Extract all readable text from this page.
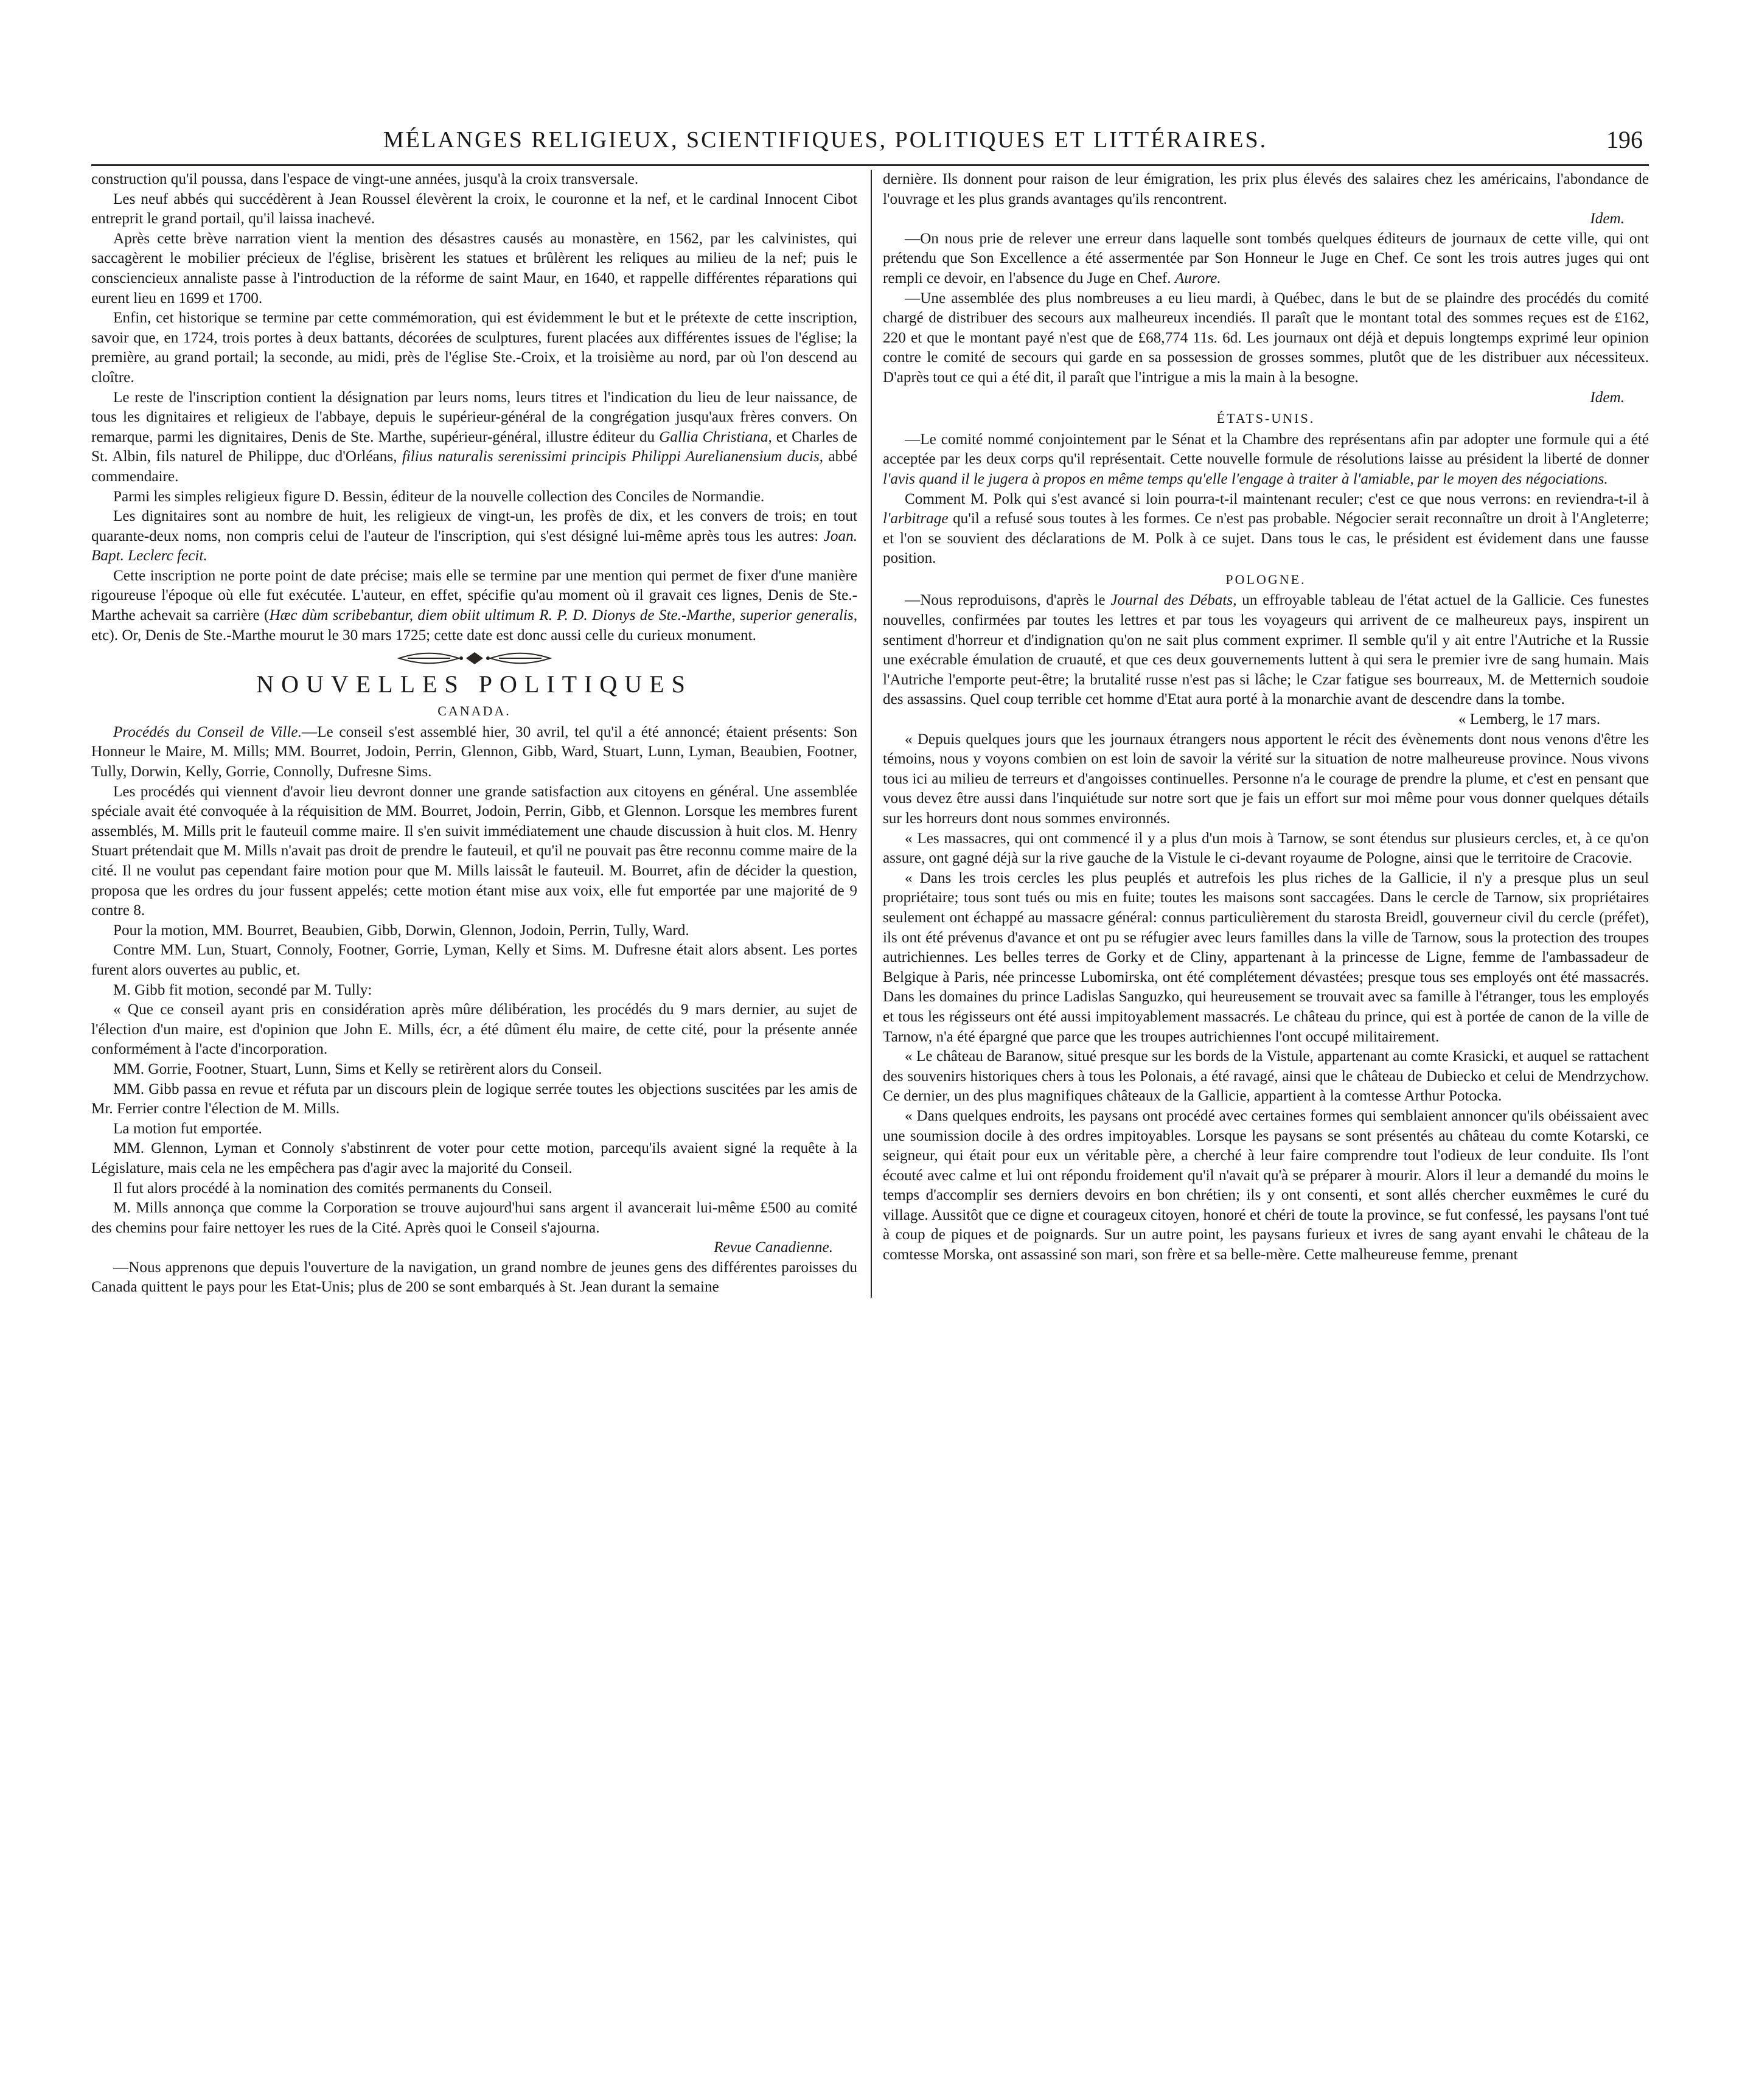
MÉLANGES RELIGIEUX, SCIENTIFIQUES, POLITIQUES ET LITTÉRAIRES.	196

construction qu'il poussa, dans l'espace de vingt-une années, jusqu'à la croix transversale.

Les neuf abbés qui succédèrent à Jean Roussel élevèrent la croix, le couronne et la nef, et le cardinal Innocent Cibot entreprit le grand portail, qu'il laissa inachevé.

Après cette brève narration vient la mention des désastres causés au monastère, en 1562, par les calvinistes, qui saccagèrent le mobilier précieux de l'église, brisèrent les statues et brûlèrent les reliques au milieu de la nef; puis le consciencieux annaliste passe à l'introduction de la réforme de saint Maur, en 1640, et rappelle différentes réparations qui eurent lieu en 1699 et 1700.

Enfin, cet historique se termine par cette commémoration, qui est évidemment le but et le prétexte de cette inscription, savoir que, en 1724, trois portes à deux battants, décorées de sculptures, furent placées aux différentes issues de l'église; la première, au grand portail; la seconde, au midi, près de l'église Ste.-Croix, et la troisième au nord, par où l'on descend au cloître.

Le reste de l'inscription contient la désignation par leurs noms, leurs titres et l'indication du lieu de leur naissance, de tous les dignitaires et religieux de l'abbaye, depuis le supérieur-général de la congrégation jusqu'aux frères convers. On remarque, parmi les dignitaires, Denis de Ste. Marthe, supérieur-général, illustre éditeur du Gallia Christiana, et Charles de St. Albin, fils naturel de Philippe, duc d'Orléans, filius naturalis serenissimi principis Philippi Aurelianensium ducis, abbé commendaire.

Parmi les simples religieux figure D. Bessin, éditeur de la nouvelle collection des Conciles de Normandie.

Les dignitaires sont au nombre de huit, les religieux de vingt-un, les profès de dix, et les convers de trois; en tout quarante-deux noms, non compris celui de l'auteur de l'inscription, qui s'est désigné lui-même après tous les autres: Joan. Bapt. Leclerc fecit.

Cette inscription ne porte point de date précise; mais elle se termine par une mention qui permet de fixer d'une manière rigoureuse l'époque où elle fut exécutée. L'auteur, en effet, spécifie qu'au moment où il gravait ces lignes, Denis de Ste.-Marthe achevait sa carrière (Hæc dùm scribebantur, diem obiit ultimum R. P. D. Dionys de Ste.-Marthe, superior generalis, etc). Or, Denis de Ste.-Marthe mourut le 30 mars 1725; cette date est donc aussi celle du curieux monument.

NOUVELLES POLITIQUES

CANADA.

Procédés du Conseil de Ville.—Le conseil s'est assemblé hier, 30 avril, tel qu'il a été annoncé; étaient présents: Son Honneur le Maire, M. Mills; MM. Bourret, Jodoin, Perrin, Glennon, Gibb, Ward, Stuart, Lunn, Lyman, Beaubien, Footner, Tully, Dorwin, Kelly, Gorrie, Connolly, Dufresne Sims.

Les procédés qui viennent d'avoir lieu devront donner une grande satisfaction aux citoyens en général. Une assemblée spéciale avait été convoquée à la réquisition de MM. Bourret, Jodoin, Perrin, Gibb, et Glennon. Lorsque les membres furent assemblés, M. Mills prit le fauteuil comme maire. Il s'en suivit immédiatement une chaude discussion à huit clos. M. Henry Stuart prétendait que M. Mills n'avait pas droit de prendre le fauteuil, et qu'il ne pouvait pas être reconnu comme maire de la cité. Il ne voulut pas cependant faire motion pour que M. Mills laissât le fauteuil. M. Bourret, afin de décider la question, proposa que les ordres du jour fussent appelés; cette motion étant mise aux voix, elle fut emportée par une majorité de 9 contre 8.

Pour la motion, MM. Bourret, Beaubien, Gibb, Dorwin, Glennon, Jodoin, Perrin, Tully, Ward.

Contre MM. Lun, Stuart, Connoly, Footner, Gorrie, Lyman, Kelly et Sims. M. Dufresne était alors absent. Les portes furent alors ouvertes au public, et.

M. Gibb fit motion, secondé par M. Tully:

« Que ce conseil ayant pris en considération après mûre délibération, les procédés du 9 mars dernier, au sujet de l'élection d'un maire, est d'opinion que John E. Mills, écr, a été dûment élu maire, de cette cité, pour la présente année conformément à l'acte d'incorporation.

MM. Gorrie, Footner, Stuart, Lunn, Sims et Kelly se retirèrent alors du Conseil.

MM. Gibb passa en revue et réfuta par un discours plein de logique serrée toutes les objections suscitées par les amis de Mr. Ferrier contre l'élection de M. Mills.

La motion fut emportée.

MM. Glennon, Lyman et Connoly s'abstinrent de voter pour cette motion, parcequ'ils avaient signé la requête à la Législature, mais cela ne les empêchera pas d'agir avec la majorité du Conseil.

Il fut alors procédé à la nomination des comités permanents du Conseil.

M. Mills annonça que comme la Corporation se trouve aujourd'hui sans argent il avancerait lui-même £500 au comité des chemins pour faire nettoyer les rues de la Cité. Après quoi le Conseil s'ajourna.

Revue Canadienne.

—Nous apprenons que depuis l'ouverture de la navigation, un grand nombre de jeunes gens des différentes paroisses du Canada quittent le pays pour les Etat-Unis; plus de 200 se sont embarqués à St. Jean durant la semaine

dernière. Ils donnent pour raison de leur émigration, les prix plus élevés des salaires chez les américains, l'abondance de l'ouvrage et les plus grands avantages qu'ils rencontrent.

Idem.

—On nous prie de relever une erreur dans laquelle sont tombés quelques éditeurs de journaux de cette ville, qui ont prétendu que Son Excellence a été assermentée par Son Honneur le Juge en Chef. Ce sont les trois autres juges qui ont rempli ce devoir, en l'absence du Juge en Chef. Aurore.

—Une assemblée des plus nombreuses a eu lieu mardi, à Québec, dans le but de se plaindre des procédés du comité chargé de distribuer des secours aux malheureux incendiés. Il paraît que le montant total des sommes reçues est de £162, 220 et que le montant payé n'est que de £68,774 11s. 6d. Les journaux ont déjà et depuis longtemps exprimé leur opinion contre le comité de secours qui garde en sa possession de grosses sommes, plutôt que de les distribuer aux nécessiteux. D'après tout ce qui a été dit, il paraît que l'intrigue a mis la main à la besogne.

Idem.

ÉTATS-UNIS.

—Le comité nommé conjointement par le Sénat et la Chambre des représentans afin par adopter une formule qui a été acceptée par les deux corps qu'il représentait. Cette nouvelle formule de résolutions laisse au président la liberté de donner l'avis quand il le jugera à propos en même temps qu'elle l'engage à traiter à l'amiable, par le moyen des négociations.

Comment M. Polk qui s'est avancé si loin pourra-t-il maintenant reculer; c'est ce que nous verrons: en reviendra-t-il à l'arbitrage qu'il a refusé sous toutes à les formes. Ce n'est pas probable. Négocier serait reconnaître un droit à l'Angleterre; et l'on se souvient des déclarations de M. Polk à ce sujet. Dans tous le cas, le président est évidement dans une fausse position.

POLOGNE.

—Nous reproduisons, d'après le Journal des Débats, un effroyable tableau de l'état actuel de la Gallicie. Ces funestes nouvelles, confirmées par toutes les lettres et par tous les voyageurs qui arrivent de ce malheureux pays, inspirent un sentiment d'horreur et d'indignation qu'on ne sait plus comment exprimer. Il semble qu'il y ait entre l'Autriche et la Russie une exécrable émulation de cruauté, et que ces deux gouvernements luttent à qui sera le premier ivre de sang humain. Mais l'Autriche l'emporte peut-être; la brutalité russe n'est pas si lâche; le Czar fatigue ses bourreaux, M. de Metternich soudoie des assassins. Quel coup terrible cet homme d'Etat aura porté à la monarchie avant de descendre dans la tombe.

« Lemberg, le 17 mars.

« Depuis quelques jours que les journaux étrangers nous apportent le récit des évènements dont nous venons d'être les témoins, nous y voyons combien on est loin de savoir la vérité sur la situation de notre malheureuse province. Nous vivons tous ici au milieu de terreurs et d'angoisses continuelles. Personne n'a le courage de prendre la plume, et c'est en pensant que vous devez être aussi dans l'inquiétude sur notre sort que je fais un effort sur moi même pour vous donner quelques détails sur les horreurs dont nous sommes environnés.

« Les massacres, qui ont commencé il y a plus d'un mois à Tarnow, se sont étendus sur plusieurs cercles, et, à ce qu'on assure, ont gagné déjà sur la rive gauche de la Vistule le ci-devant royaume de Pologne, ainsi que le territoire de Cracovie.

« Dans les trois cercles les plus peuplés et autrefois les plus riches de la Gallicie, il n'y a presque plus un seul propriétaire; tous sont tués ou mis en fuite; toutes les maisons sont saccagées. Dans le cercle de Tarnow, six propriétaires seulement ont échappé au massacre général: connus particulièrement du starosta Breidl, gouverneur civil du cercle (préfet), ils ont été prévenus d'avance et ont pu se réfugier avec leurs familles dans la ville de Tarnow, sous la protection des troupes autrichiennes. Les belles terres de Gorky et de Cliny, appartenant à la princesse de Ligne, femme de l'ambassadeur de Belgique à Paris, née princesse Lubomirska, ont été complétement dévastées; presque tous ses employés ont été massacrés. Dans les domaines du prince Ladislas Sanguzko, qui heureusement se trouvait avec sa famille à l'étranger, tous les employés et tous les régisseurs ont été aussi impitoyablement massacrés. Le château du prince, qui est à portée de canon de la ville de Tarnow, n'a été épargné que parce que les troupes autrichiennes l'ont occupé militairement.

« Le château de Baranow, situé presque sur les bords de la Vistule, appartenant au comte Krasicki, et auquel se rattachent des souvenirs historiques chers à tous les Polonais, a été ravagé, ainsi que le château de Dubiecko et celui de Mendrzychow. Ce dernier, un des plus magnifiques châteaux de la Gallicie, appartient à la comtesse Arthur Potocka.

« Dans quelques endroits, les paysans ont procédé avec certaines formes qui semblaient annoncer qu'ils obéissaient avec une soumission docile à des ordres impitoyables. Lorsque les paysans se sont présentés au château du comte Kotarski, ce seigneur, qui était pour eux un véritable père, a cherché à leur faire comprendre tout l'odieux de leur conduite. Ils l'ont écouté avec calme et lui ont répondu froidement qu'il n'avait qu'à se préparer à mourir. Alors il leur a demandé du moins le temps d'accomplir ses derniers devoirs en bon chrétien; ils y ont consenti, et sont allés chercher euxmêmes le curé du village. Aussitôt que ce digne et courageux citoyen, honoré et chéri de toute la province, se fut confessé, les paysans l'ont tué à coup de piques et de poignards. Sur un autre point, les paysans furieux et ivres de sang ayant envahi le château de la comtesse Morska, ont assassiné son mari, son frère et sa belle-mère. Cette malheureuse femme, prenant
